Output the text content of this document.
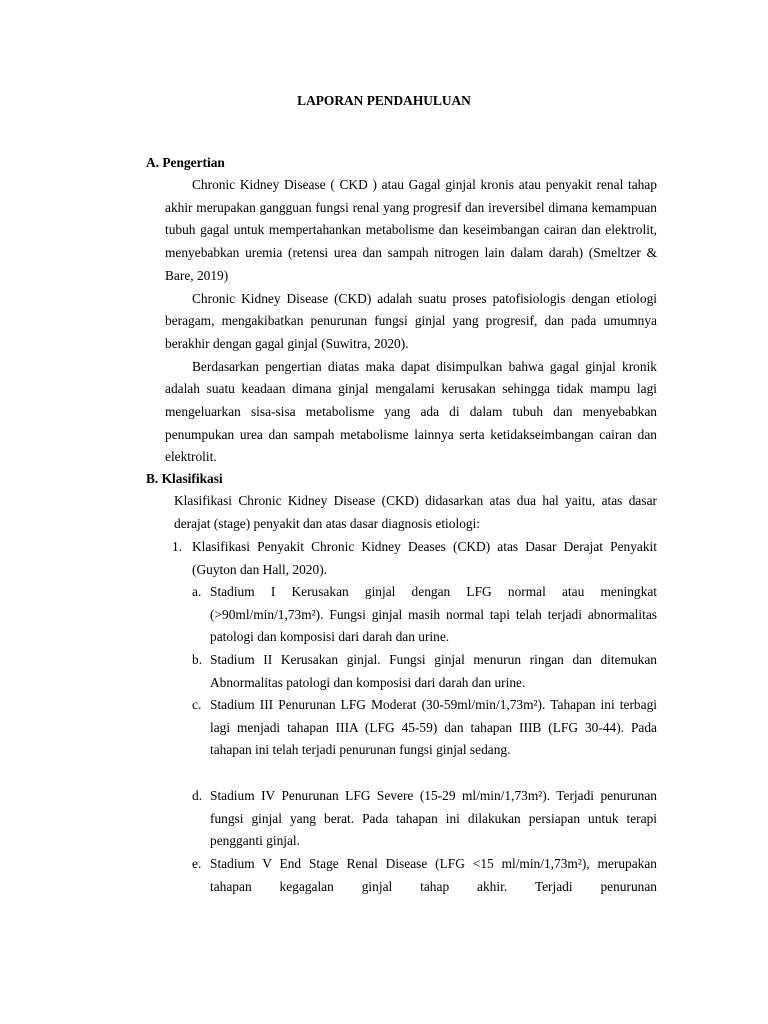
LAPORAN PENDAHULUAN
A. Pengertian

Chronic Kidney Disease ( CKD ) atau Gagal ginjal kronis atau penyakit renal tahap akhir merupakan gangguan fungsi renal yang progresif dan ireversibel dimana kemampuan tubuh gagal untuk mempertahankan metabolisme dan keseimbangan cairan dan elektrolit, menyebabkan uremia (retensi urea dan sampah nitrogen lain dalam darah) (Smeltzer & Bare, 2019)

Chronic Kidney Disease (CKD) adalah suatu proses patofisiologis dengan etiologi beragam, mengakibatkan penurunan fungsi ginjal yang progresif, dan pada umumnya berakhir dengan gagal ginjal (Suwitra, 2020).

Berdasarkan pengertian diatas maka dapat disimpulkan bahwa gagal ginjal kronik adalah suatu keadaan dimana ginjal mengalami kerusakan sehingga tidak mampu lagi mengeluarkan sisa-sisa metabolisme yang ada di dalam tubuh dan menyebabkan penumpukan urea dan sampah metabolisme lainnya serta ketidakseimbangan cairan dan elektrolit.

B. Klasifikasi
Klasifikasi Chronic Kidney Disease (CKD) didasarkan atas dua hal yaitu, atas dasar derajat (stage) penyakit dan atas dasar diagnosis etiologi:
1. Klasifikasi Penyakit Chronic Kidney Deases (CKD) atas Dasar Derajat Penyakit (Guyton dan Hall, 2020).
a. Stadium I Kerusakan ginjal dengan LFG normal atau meningkat (>90ml/min/1,73m²). Fungsi ginjal masih normal tapi telah terjadi abnormalitas patologi dan komposisi dari darah dan urine.
b. Stadium II Kerusakan ginjal. Fungsi ginjal menurun ringan dan ditemukan Abnormalitas patologi dan komposisi dari darah dan urine.
c. Stadium III Penurunan LFG Moderat (30-59ml/min/1,73m²). Tahapan ini terbagi lagi menjadi tahapan IIIA (LFG 45-59) dan tahapan IIIB (LFG 30-44). Pada tahapan ini telah terjadi penurunan fungsi ginjal sedang.
d. Stadium IV Penurunan LFG Severe (15-29 ml/min/1,73m²). Terjadi penurunan fungsi ginjal yang berat. Pada tahapan ini dilakukan persiapan untuk terapi pengganti ginjal.
e. Stadium V End Stage Renal Disease (LFG <15 ml/min/1,73m²), merupakan tahapan kegagalan ginjal tahap akhir. Terjadi penurunan
